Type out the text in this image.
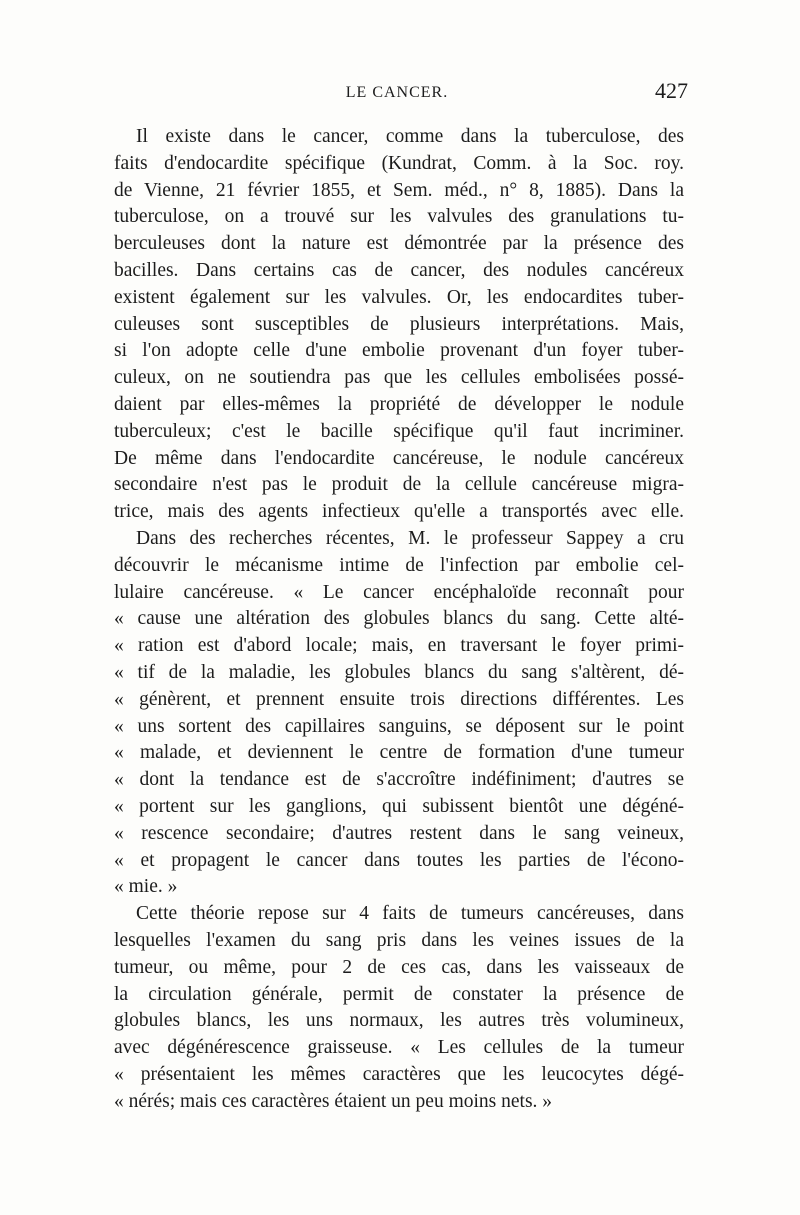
LE CANCER.	427
Il existe dans le cancer, comme dans la tuberculose, des
faits d'endocardite spécifique (Kundrat, Comm. à la Soc. roy.
de Vienne, 21 février 1855, et Sem. méd., n° 8, 1885). Dans la
tuberculose, on a trouvé sur les valvules des granulations tu-
berculeuses dont la nature est démontrée par la présence des
bacilles. Dans certains cas de cancer, des nodules cancéreux
existent également sur les valvules. Or, les endocardites tuber-
culeuses sont susceptibles de plusieurs interprétations. Mais,
si l'on adopte celle d'une embolie provenant d'un foyer tuber-
culeux, on ne soutiendra pas que les cellules embolisées possé-
daient par elles-mêmes la propriété de développer le nodule
tuberculeux; c'est le bacille spécifique qu'il faut incriminer.
De même dans l'endocardite cancéreuse, le nodule cancéreux
secondaire n'est pas le produit de la cellule cancéreuse migra-
trice, mais des agents infectieux qu'elle a transportés avec elle.
Dans des recherches récentes, M. le professeur Sappey a cru
découvrir le mécanisme intime de l'infection par embolie cel-
lulaire cancéreuse. « Le cancer encéphaloïde reconnaît pour
« cause une altération des globules blancs du sang. Cette alté-
« ration est d'abord locale; mais, en traversant le foyer primi-
« tif de la maladie, les globules blancs du sang s'altèrent, dé-
« génèrent, et prennent ensuite trois directions différentes. Les
« uns sortent des capillaires sanguins, se déposent sur le point
« malade, et deviennent le centre de formation d'une tumeur
« dont la tendance est de s'accroître indéfiniment; d'autres se
« portent sur les ganglions, qui subissent bientôt une dégéné-
« rescence secondaire; d'autres restent dans le sang veineux,
« et propagent le cancer dans toutes les parties de l'écono-
« mie. »
Cette théorie repose sur 4 faits de tumeurs cancéreuses, dans
lesquelles l'examen du sang pris dans les veines issues de la
tumeur, ou même, pour 2 de ces cas, dans les vaisseaux de
la circulation générale, permit de constater la présence de
globules blancs, les uns normaux, les autres très volumineux,
avec dégénérescence graisseuse. « Les cellules de la tumeur
« présentaient les mêmes caractères que les leucocytes dégé-
« nérés; mais ces caractères étaient un peu moins nets. »
